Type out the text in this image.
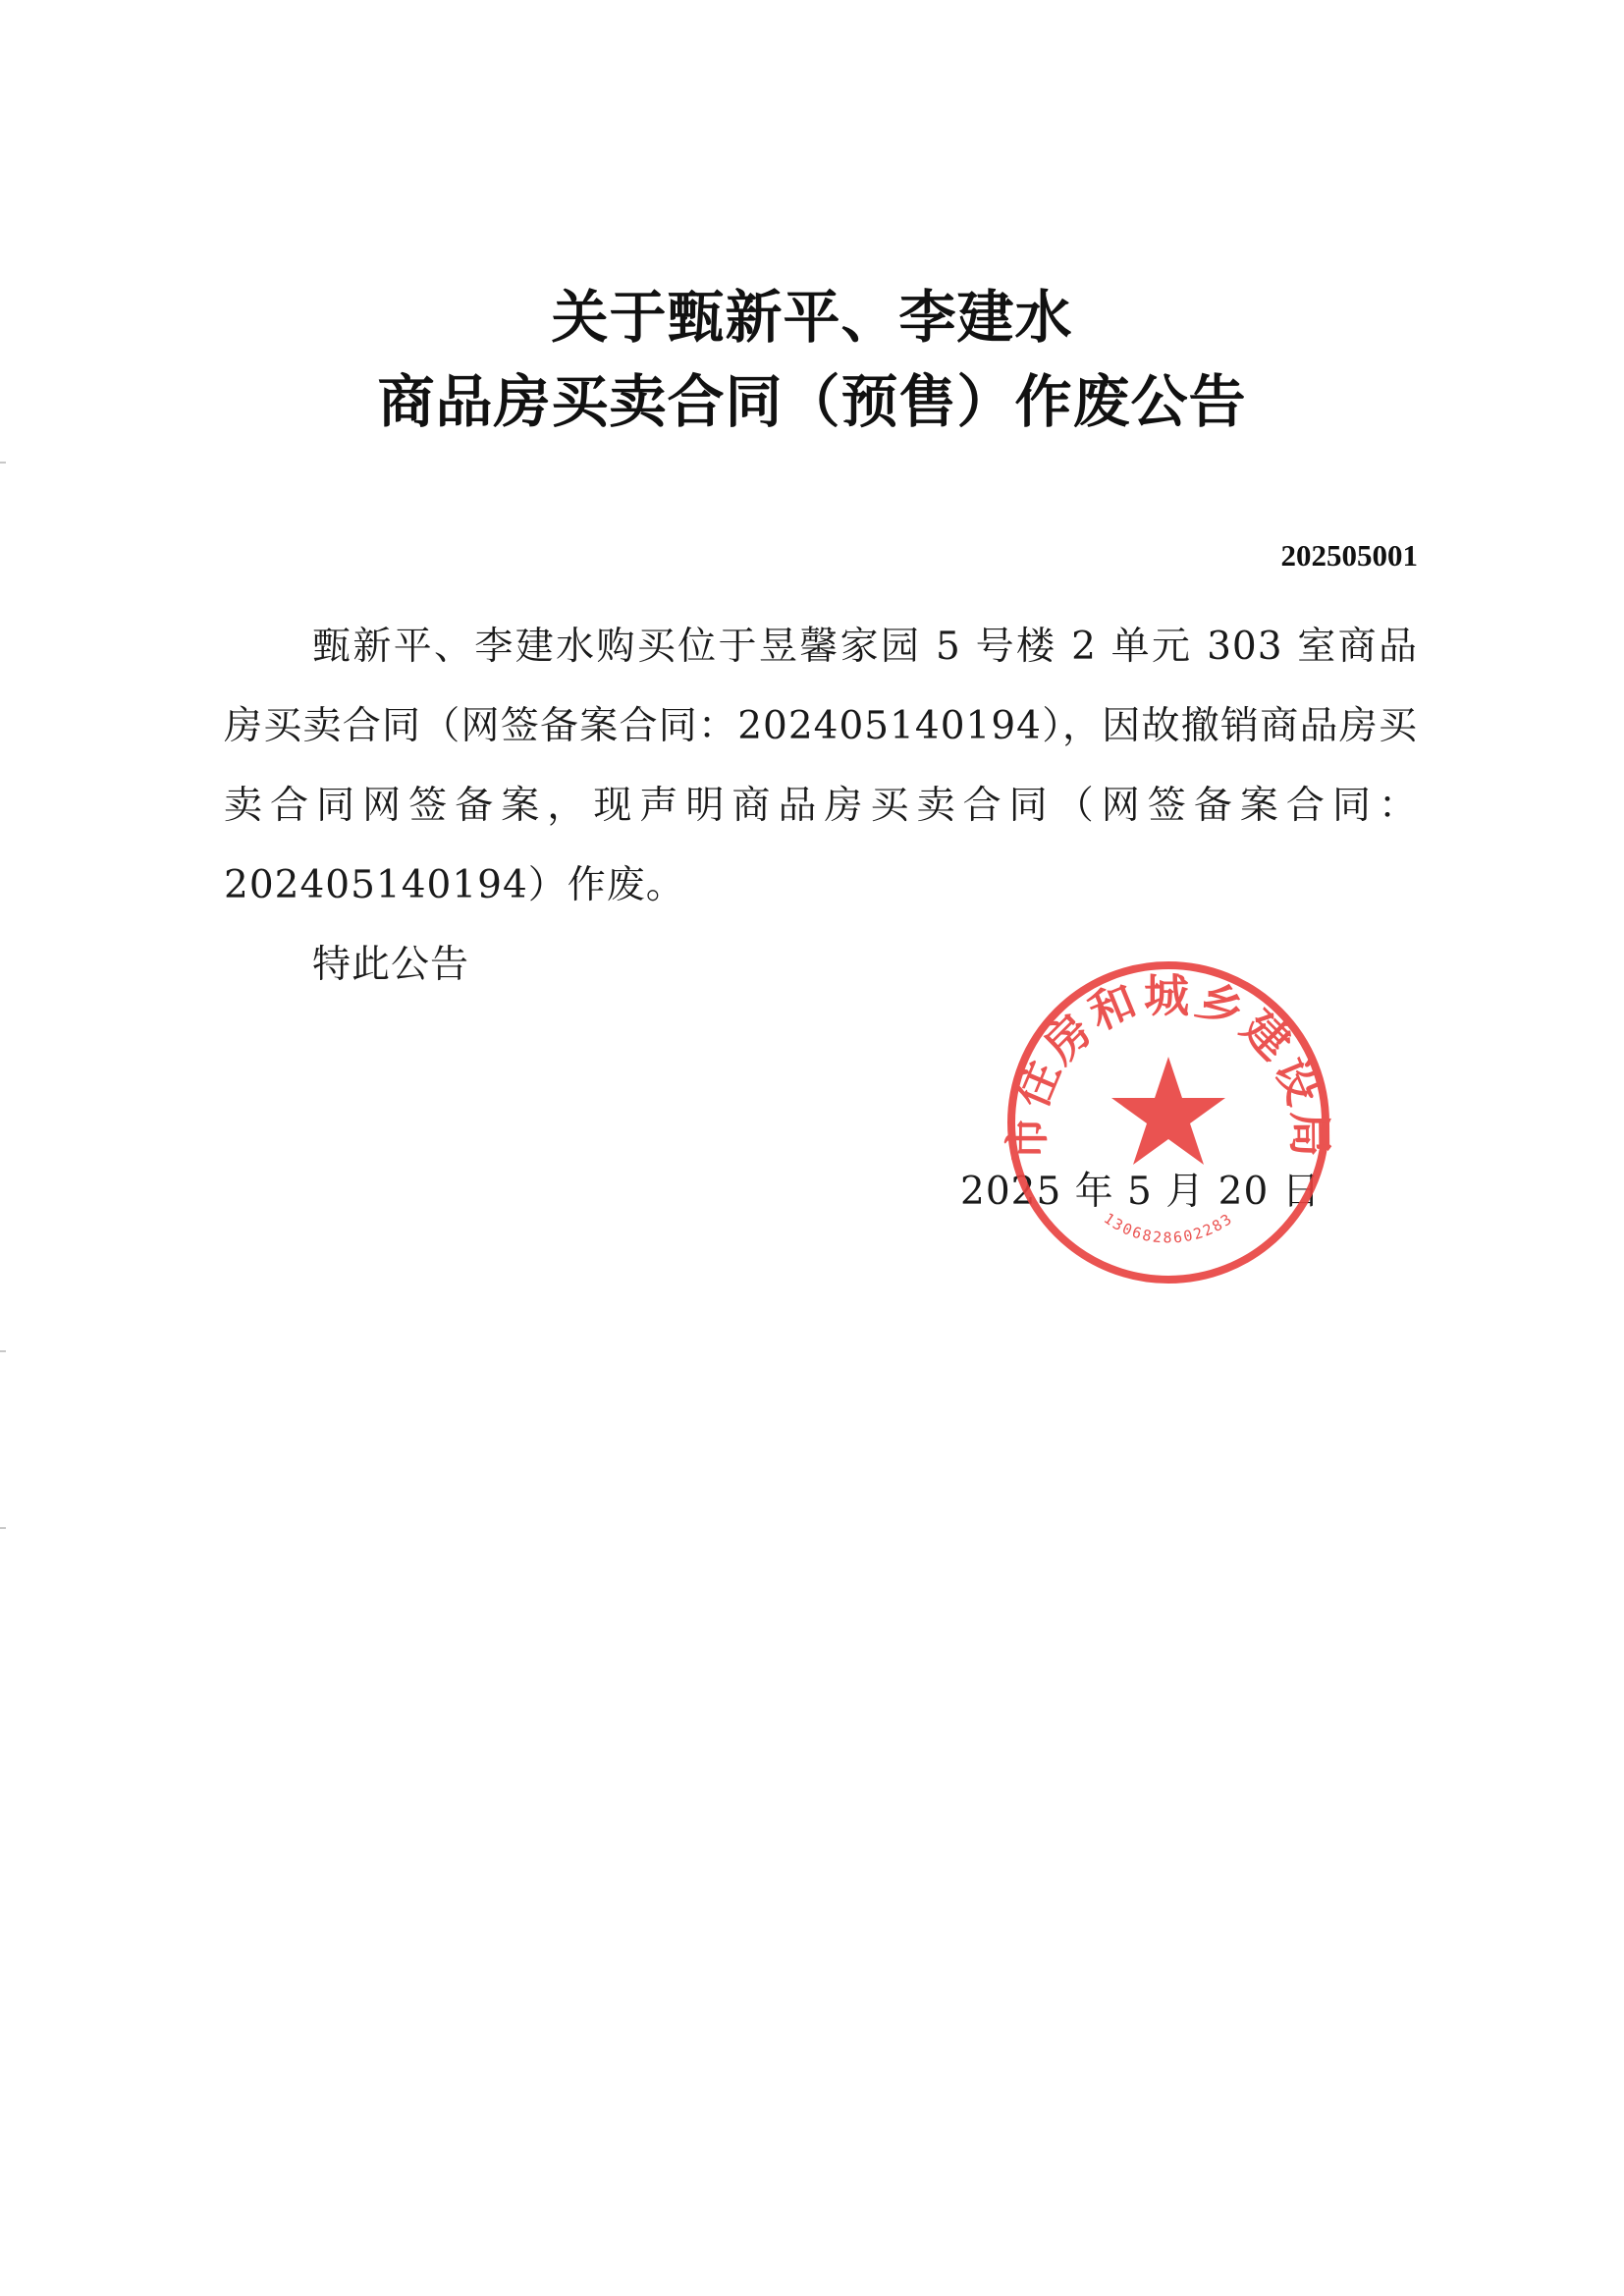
关于甄新平、李建水
商品房买卖合同（预售）作废公告
202505001

甄新平、李建水购买位于昱馨家园 5 号楼 2 单元 303 室商品房买卖合同（网签备案合同：202405140194），因故撤销商品房买卖合同网签备案，现声明商品房买卖合同（网签备案合同：202405140194）作废。

特此公告

2025 年 5 月 20 日
市住房和城乡建设局
1306828602283
